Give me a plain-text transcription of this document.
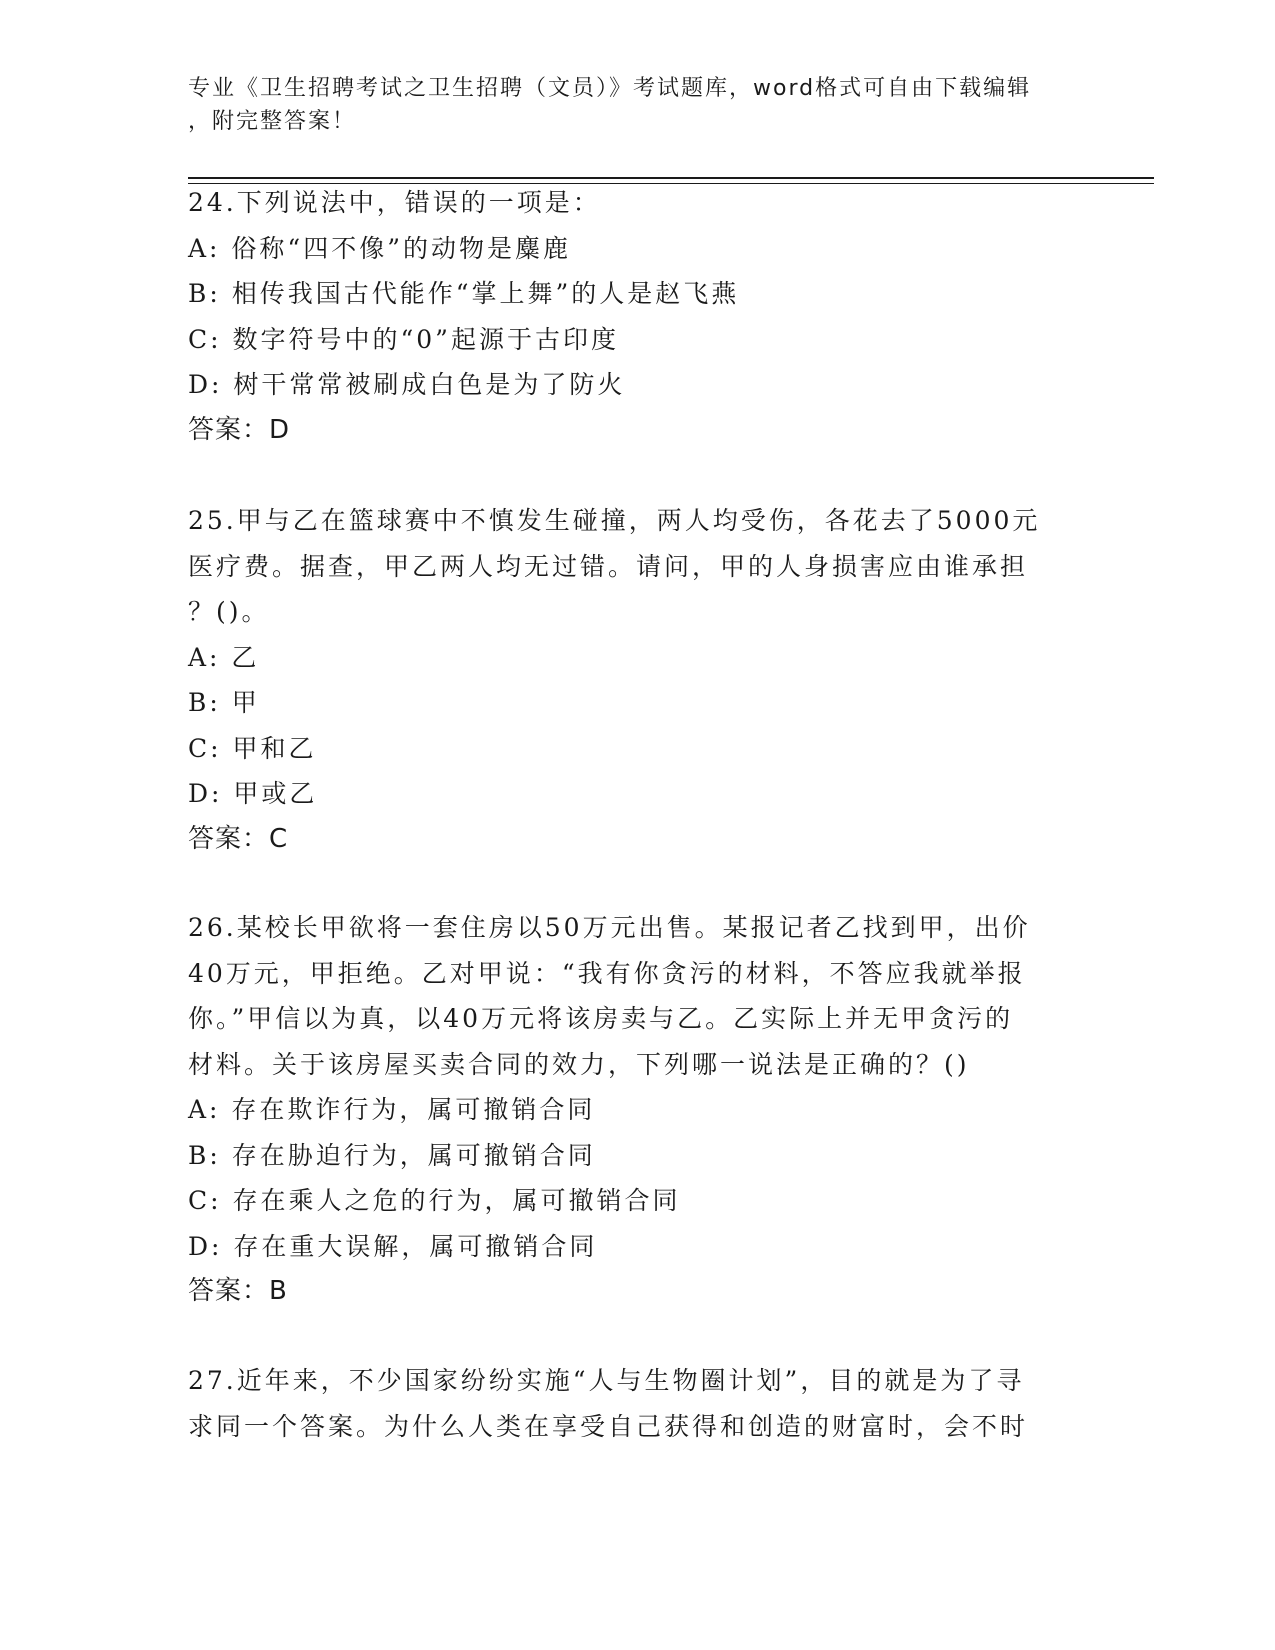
专业《卫生招聘考试之卫生招聘（文员）》考试题库，word格式可自由下载编辑
，附完整答案！
24.下列说法中，错误的一项是：
A: 俗称“四不像”的动物是麋鹿
B: 相传我国古代能作“掌上舞”的人是赵飞燕
C: 数字符号中的“0”起源于古印度
D: 树干常常被刷成白色是为了防火
答案：D
25.甲与乙在篮球赛中不慎发生碰撞，两人均受伤，各花去了5000元
医疗费。据查，甲乙两人均无过错。请问，甲的人身损害应由谁承担
？()。
A: 乙
B: 甲
C: 甲和乙
D: 甲或乙
答案：C
26.某校长甲欲将一套住房以50万元出售。某报记者乙找到甲，出价
40万元，甲拒绝。乙对甲说：“我有你贪污的材料，不答应我就举报
你。”甲信以为真，以40万元将该房卖与乙。乙实际上并无甲贪污的
材料。关于该房屋买卖合同的效力，下列哪一说法是正确的？()
A: 存在欺诈行为，属可撤销合同
B: 存在胁迫行为，属可撤销合同
C: 存在乘人之危的行为，属可撤销合同
D: 存在重大误解，属可撤销合同
答案：B
27.近年来，不少国家纷纷实施“人与生物圈计划”，目的就是为了寻
求同一个答案。为什么人类在享受自己获得和创造的财富时，会不时
